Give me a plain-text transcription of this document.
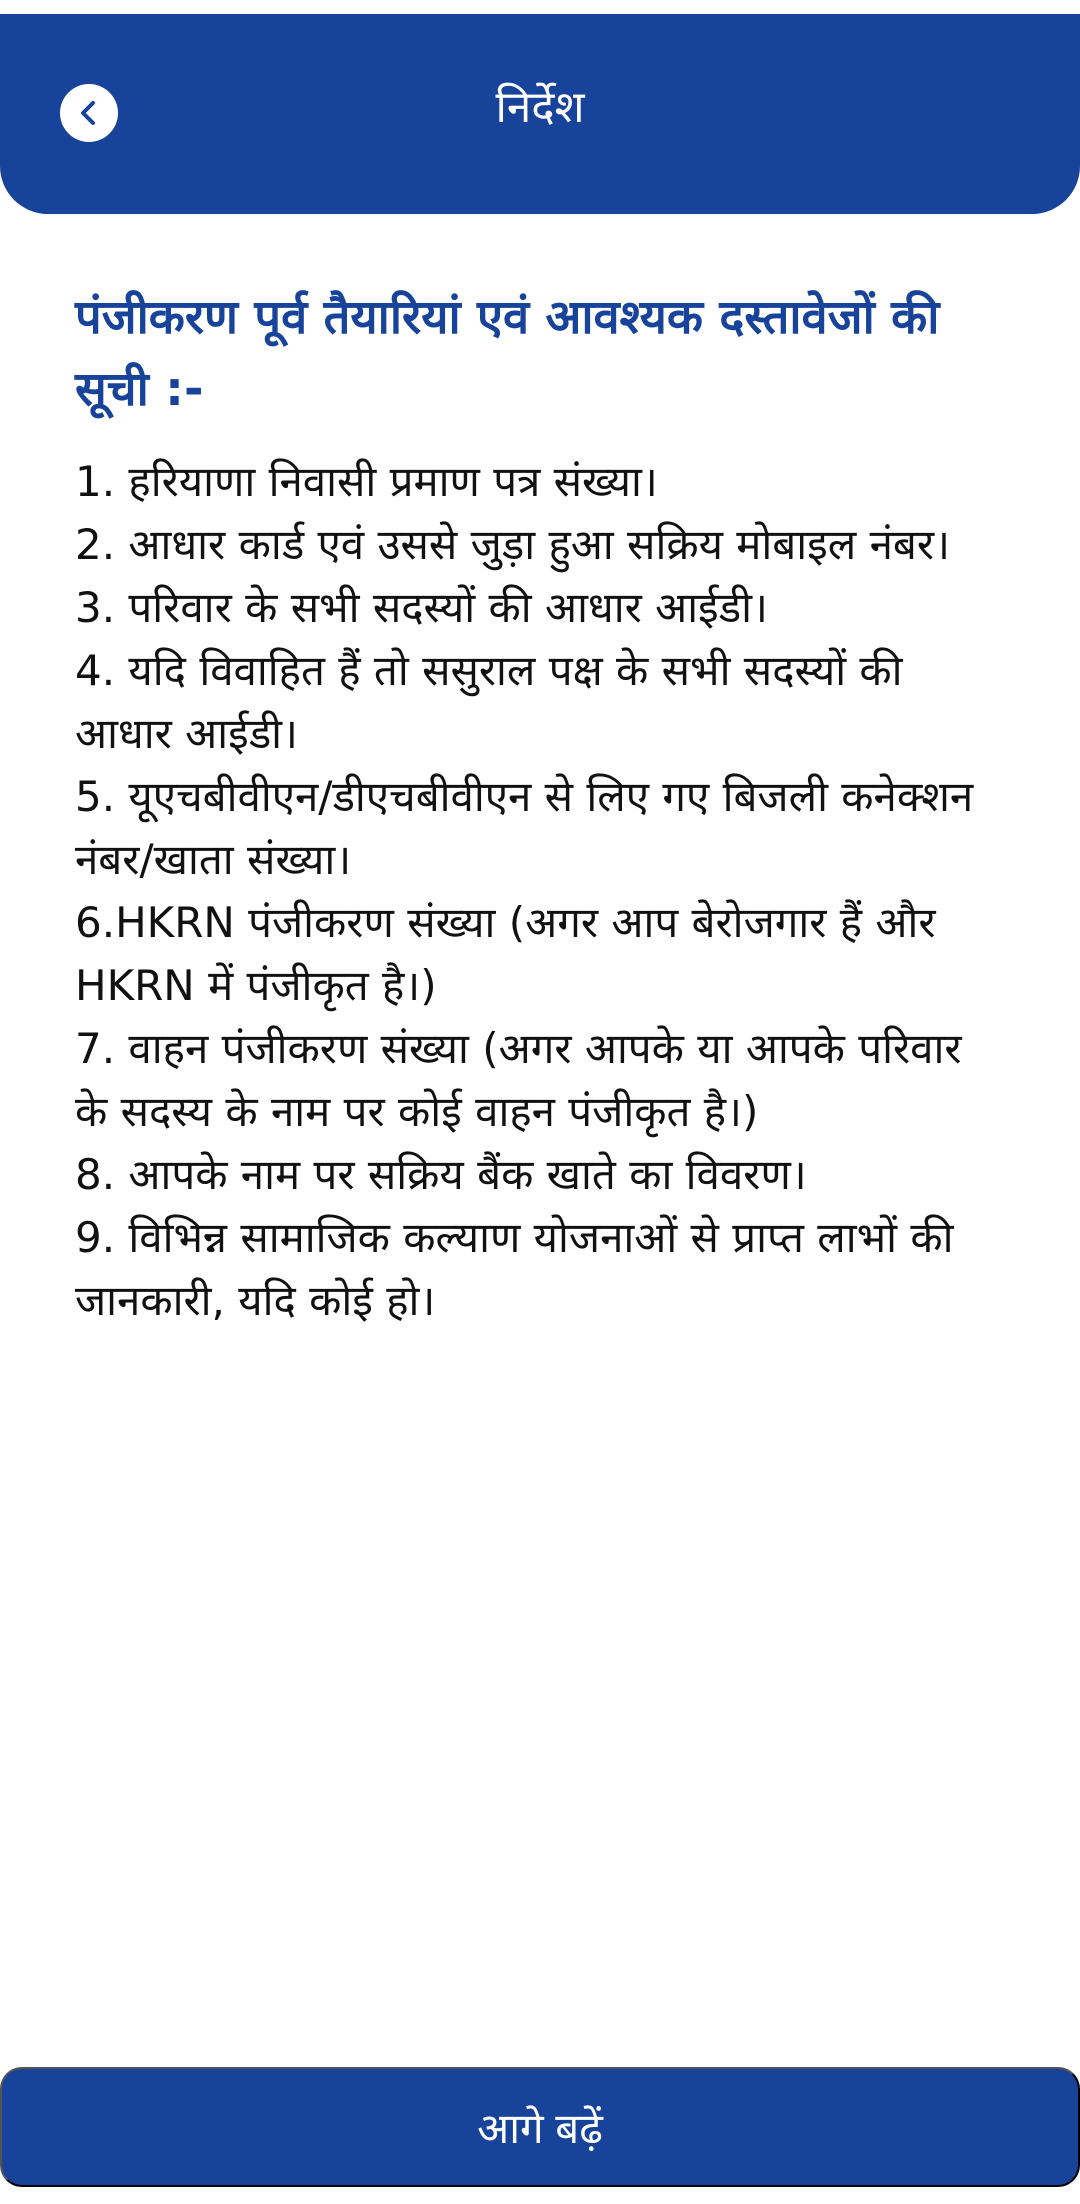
निर्देश
पंजीकरण पूर्व तैयारियां एवं आवश्यक दस्तावेजों की सूची :-
1. हरियाणा निवासी प्रमाण पत्र संख्या।
2. आधार कार्ड एवं उससे जुड़ा हुआ सक्रिय मोबाइल नंबर।
3. परिवार के सभी सदस्यों की आधार आईडी।
4. यदि विवाहित हैं तो ससुराल पक्ष के सभी सदस्यों की आधार आईडी।
5. यूएचबीवीएन/डीएचबीवीएन से लिए गए बिजली कनेक्शन नंबर/खाता संख्या।
6.HKRN पंजीकरण संख्या (अगर आप बेरोजगार हैं और HKRN में पंजीकृत है।)
7. वाहन पंजीकरण संख्या (अगर आपके या आपके परिवार के सदस्य के नाम पर कोई वाहन पंजीकृत है।)
8. आपके नाम पर सक्रिय बैंक खाते का विवरण।
9. विभिन्न सामाजिक कल्याण योजनाओं से प्राप्त लाभों की जानकारी, यदि कोई हो।
आगे बढ़ें
